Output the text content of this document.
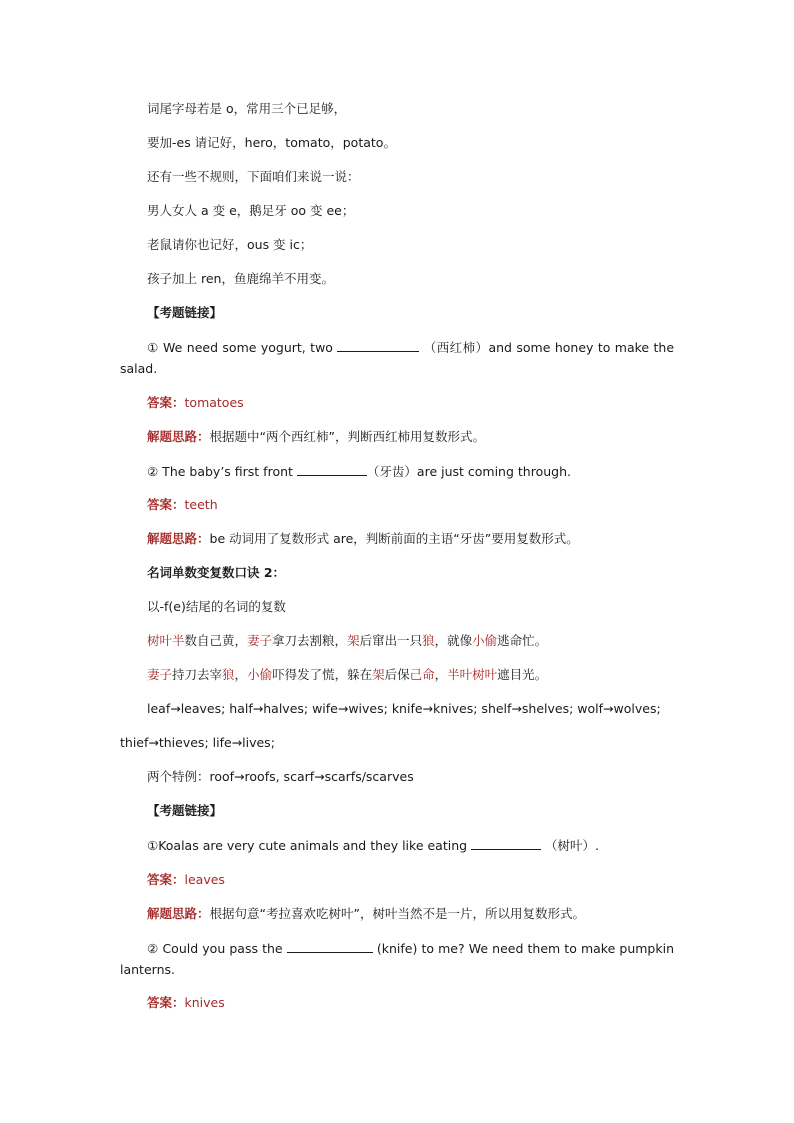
词尾字母若是 o，常用三个已足够，
要加-es 请记好，hero，tomato，potato。
还有一些不规则，下面咱们来说一说：
男人女人 a 变 e，鹅足牙 oo 变 ee；
老鼠请你也记好，ous 变 ic；
孩子加上 ren，鱼鹿绵羊不用变。
【考题链接】
① We need some yogurt, two	（西红柿）and some honey to make the
salad.
答案：tomatoes
解题思路：根据题中“两个西红柿”，判断西红柿用复数形式。
② The baby’s first front	（牙齿）are just coming through.
答案：teeth
解题思路：be 动词用了复数形式 are，判断前面的主语“牙齿”要用复数形式。
名词单数变复数口诀 2：
以-f(e)结尾的名词的复数
树叶半数自己黄，妻子拿刀去割粮，架后窜出一只狼，就像小偷逃命忙。
妻子持刀去宰狼，小偷吓得发了慌，躲在架后保己命，半叶树叶遮目光。
leaf→leaves; half→halves; wife→wives; knife→knives; shelf→shelves; wolf→wolves;
thief→thieves; life→lives;
两个特例：roof→roofs, scarf→scarfs/scarves
【考题链接】
①Koalas are very cute animals and they like eating	（树叶）.
答案：leaves
解题思路：根据句意“考拉喜欢吃树叶”，树叶当然不是一片，所以用复数形式。
② Could you pass the	(knife) to me? We need them to make pumpkin
lanterns.
答案：knives
